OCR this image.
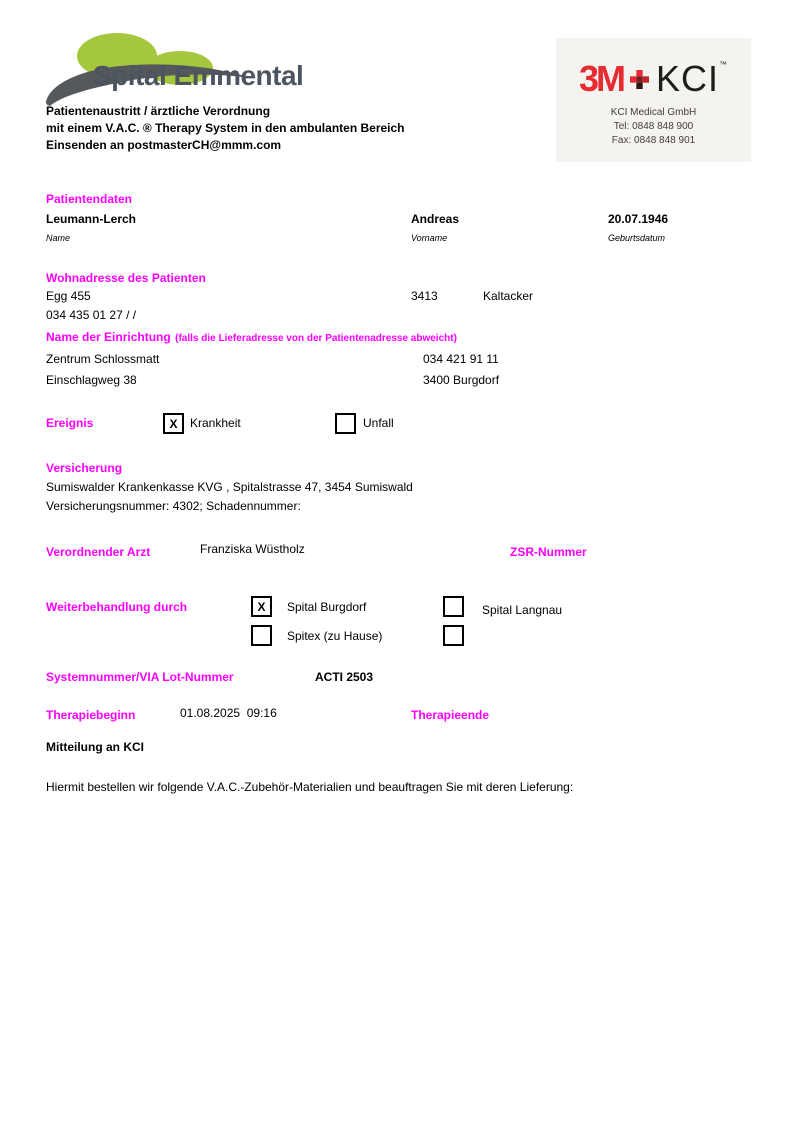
Spital Emmental
Patientenaustritt / ärztliche Verordnung
mit einem V.A.C. ® Therapy System in den ambulanten Bereich
Einsenden an postmasterCH@mmm.com
3M KCI™
KCI Medical GmbH
Tel: 0848 848 900
Fax: 0848 848 901
Patientendaten
Leumann-Lerch	Andreas	20.07.1946
Name	Vorname	Geburtsdatum
Wohnadresse des Patienten
Egg 455	3413	Kaltacker
034 435 01 27 / /
Name der Einrichtung (falls die Lieferadresse von der Patientenadresse abweicht)
Zentrum Schlossmatt	034 421 91 11
Einschlagweg 38	3400 Burgdorf
Ereignis	X	Krankheit	Unfall
Versicherung
Sumiswalder Krankenkasse KVG , Spitalstrasse 47, 3454 Sumiswald
Versicherungsnummer: 4302; Schadennummer:
Verordnender Arzt	Franziska Wüstholz	ZSR-Nummer
Weiterbehandlung durch	X	Spital Burgdorf	Spital Langnau
Spitex (zu Hause)
Systemnummer/VIA Lot-Nummer	ACTI 2503
Therapiebeginn	01.08.2025  09:16	Therapieende
Mitteilung an KCI
Hiermit bestellen wir folgende V.A.C.-Zubehör-Materialien und beauftragen Sie mit deren Lieferung:
